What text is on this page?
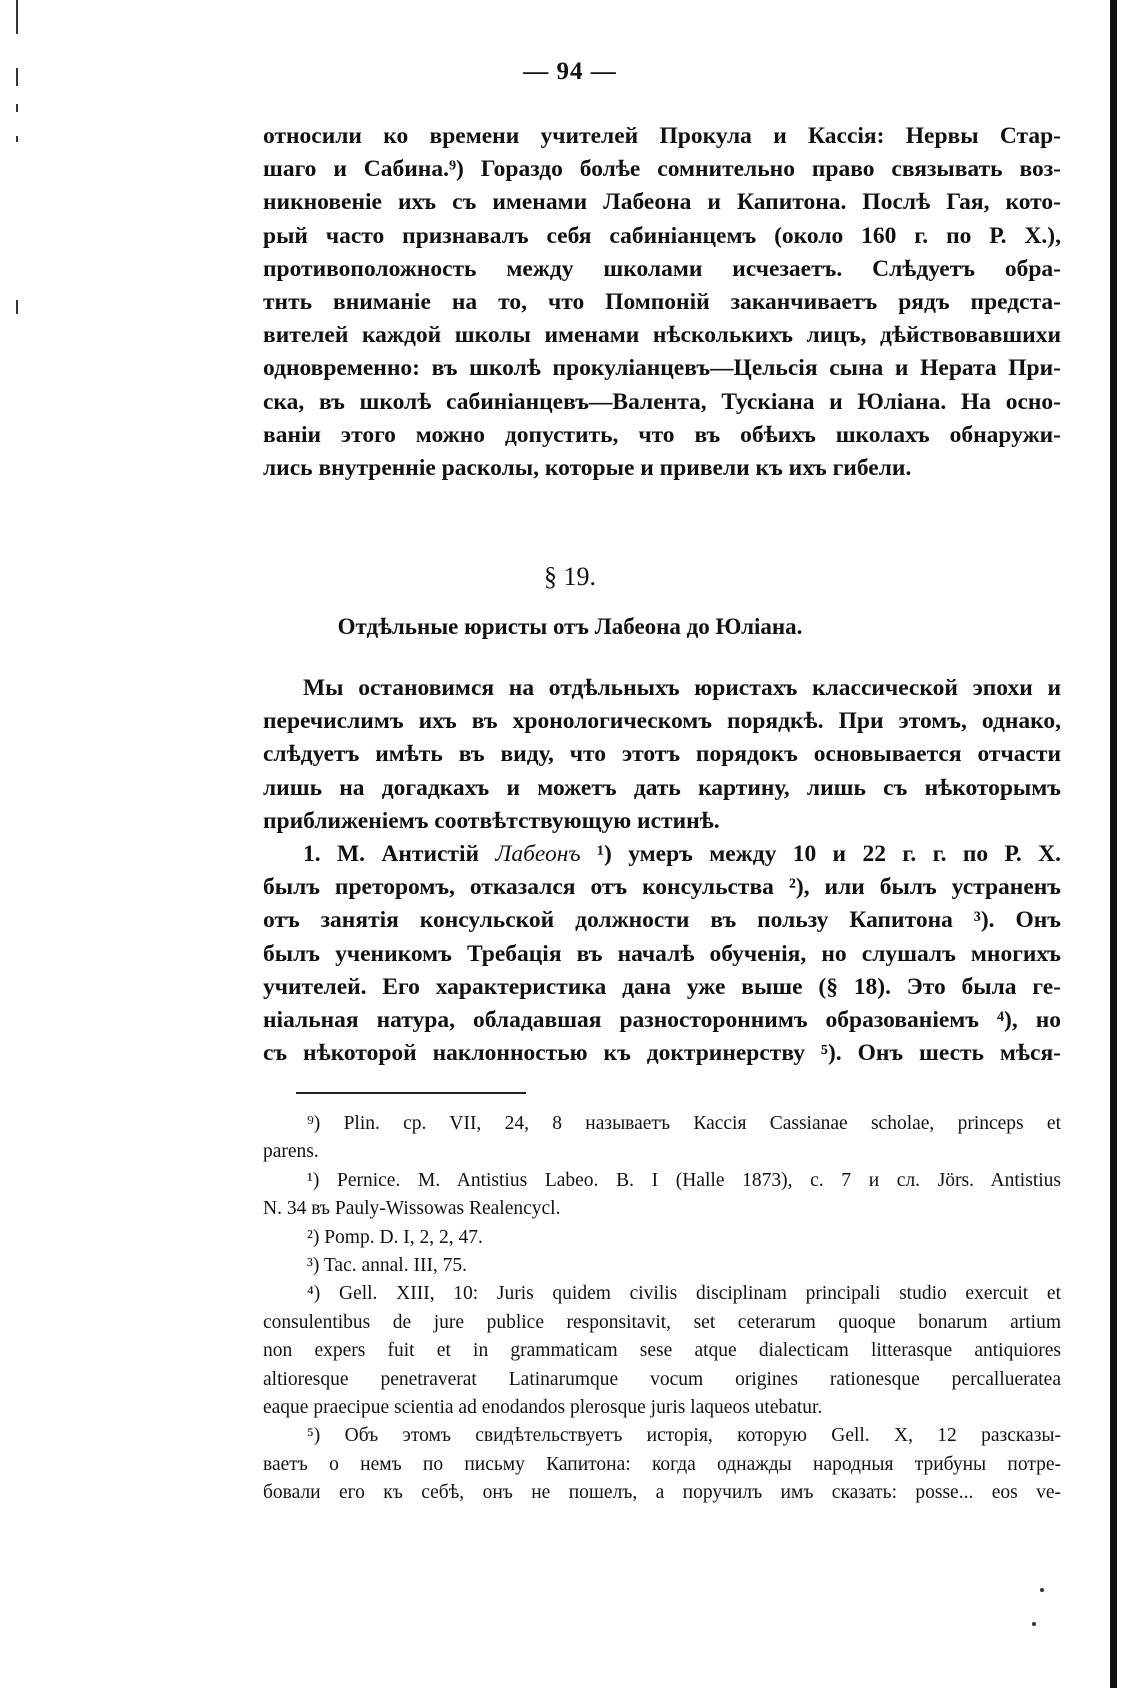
— 94 —
относили ко времени учителей Прокула и Кассія: Нервы Стар-
шаго и Сабина.⁹) Гораздо болѣе сомнительно право связывать воз-
никновеніе ихъ съ именами Лабеона и Капитона. Послѣ Гая, кото-
рый часто признавалъ себя сабиніанцемъ (около 160 г. по Р. Х.),
противоположность между школами исчезаетъ. Слѣдуетъ обра-
тнть вниманіе на то, что Помпоній заканчиваетъ рядъ предста-
вителей каждой школы именами нѣсколькихъ лицъ, дѣйствовавшихи
одновременно: въ школѣ прокуліанцевъ—Цельсія сына и Нерата При-
ска, въ школѣ сабиніанцевъ—Валента, Тускіана и Юліана. На осно-
ваніи этого можно допустить, что въ обѣихъ школахъ обнаружи-
лись внутренніе расколы, которые и привели къ ихъ гибели.
§ 19.
Отдѣльные юристы отъ Лабеона до Юліана.
Мы остановимся на отдѣльныхъ юристахъ классической эпохи и
перечислимъ ихъ въ хронологическомъ порядкѣ. При этомъ, однако,
слѣдуетъ имѣть въ виду, что этотъ порядокъ основывается отчасти
лишь на догадкахъ и можетъ дать картину, лишь съ нѣкоторымъ
приближеніемъ соотвѣтствующую истинѣ.
1. М. Антистій Лабеонъ ¹) умеръ между 10 и 22 г. г. по Р. Х.
былъ преторомъ, отказался отъ консульства ²), или былъ устраненъ
отъ занятія консульской должности въ пользу Капитона ³). Онъ
былъ ученикомъ Требація въ началѣ обученія, но слушалъ многихъ
учителей. Его характеристика дана уже выше (§ 18). Это была ге-
ніальная натура, обладавшая разностороннимъ образованіемъ ⁴), но
съ нѣкоторой наклонностью къ доктринерству ⁵). Онъ шесть мѣся-
⁹) Plin. cp. VII, 24, 8 называетъ Кассія Cassianae scholae, princeps et
parens.
¹) Pernice. M. Antistius Labeo. B. I (Halle 1873), c. 7 и сл. Jörs. Antistius
N. 34 въ Pauly-Wissowas Realencycl.
²) Pomp. D. I, 2, 2, 47.
³) Tac. annal. III, 75.
⁴) Gell. XIII, 10: Juris quidem civilis disciplinam principali studio exercuit et
consulentibus de jure publice responsitavit, set ceterarum quoque bonarum artium
non expers fuit et in grammaticam sese atque dialecticam litterasque antiquiores
altioresque penetraverat Latinarumque vocum origines rationesque percallueratea
eaque praecipue scientia ad enodandos plerosque juris laqueos utebatur.
⁵) Объ этомъ свидѣтельствуетъ исторія, которую Gell. X, 12 разсказы-
ваетъ о немъ по письму Капитона: когда однажды народныя трибуны потре-
бовали его къ себѣ, онъ не пошелъ, а поручилъ имъ сказать: posse... eos ve-
